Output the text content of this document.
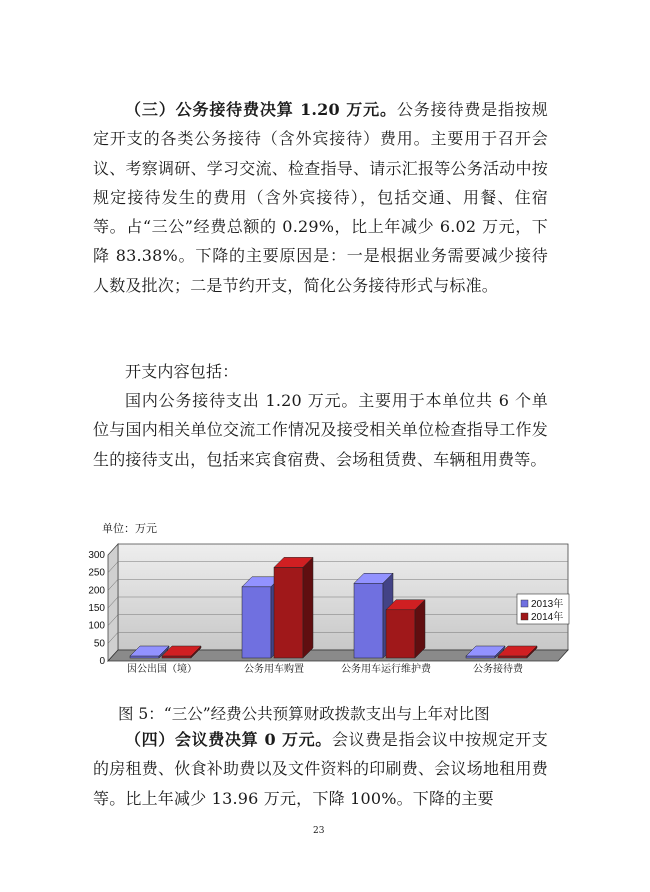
（三）公务接待费决算 1.20 万元。公务接待费是指按规定开支的各类公务接待（含外宾接待）费用。主要用于召开会议、考察调研、学习交流、检查指导、请示汇报等公务活动中按规定接待发生的费用（含外宾接待），包括交通、用餐、住宿等。占“三公”经费总额的 0.29%，比上年减少 6.02 万元，下降 83.38%。下降的主要原因是：一是根据业务需要减少接待人数及批次；二是节约开支，简化公务接待形式与标准。

开支内容包括：

国内公务接待支出 1.20 万元。主要用于本单位共 6 个单位与国内相关单位交流工作情况及接受相关单位检查指导工作发生的接待支出，包括来宾食宿费、会场租赁费、车辆租用费等。

单位：万元
300
250
200
150
100
50
0
因公出国（境）	公务用车购置	公务用车运行维护费	公务接待费
2013年
2014年
图 5：“三公”经费公共预算财政拨款支出与上年对比图

（四）会议费决算 0 万元。会议费是指会议中按规定开支的房租费、伙食补助费以及文件资料的印刷费、会议场地租用费等。比上年减少 13.96 万元，下降 100%。下降的主要

23
